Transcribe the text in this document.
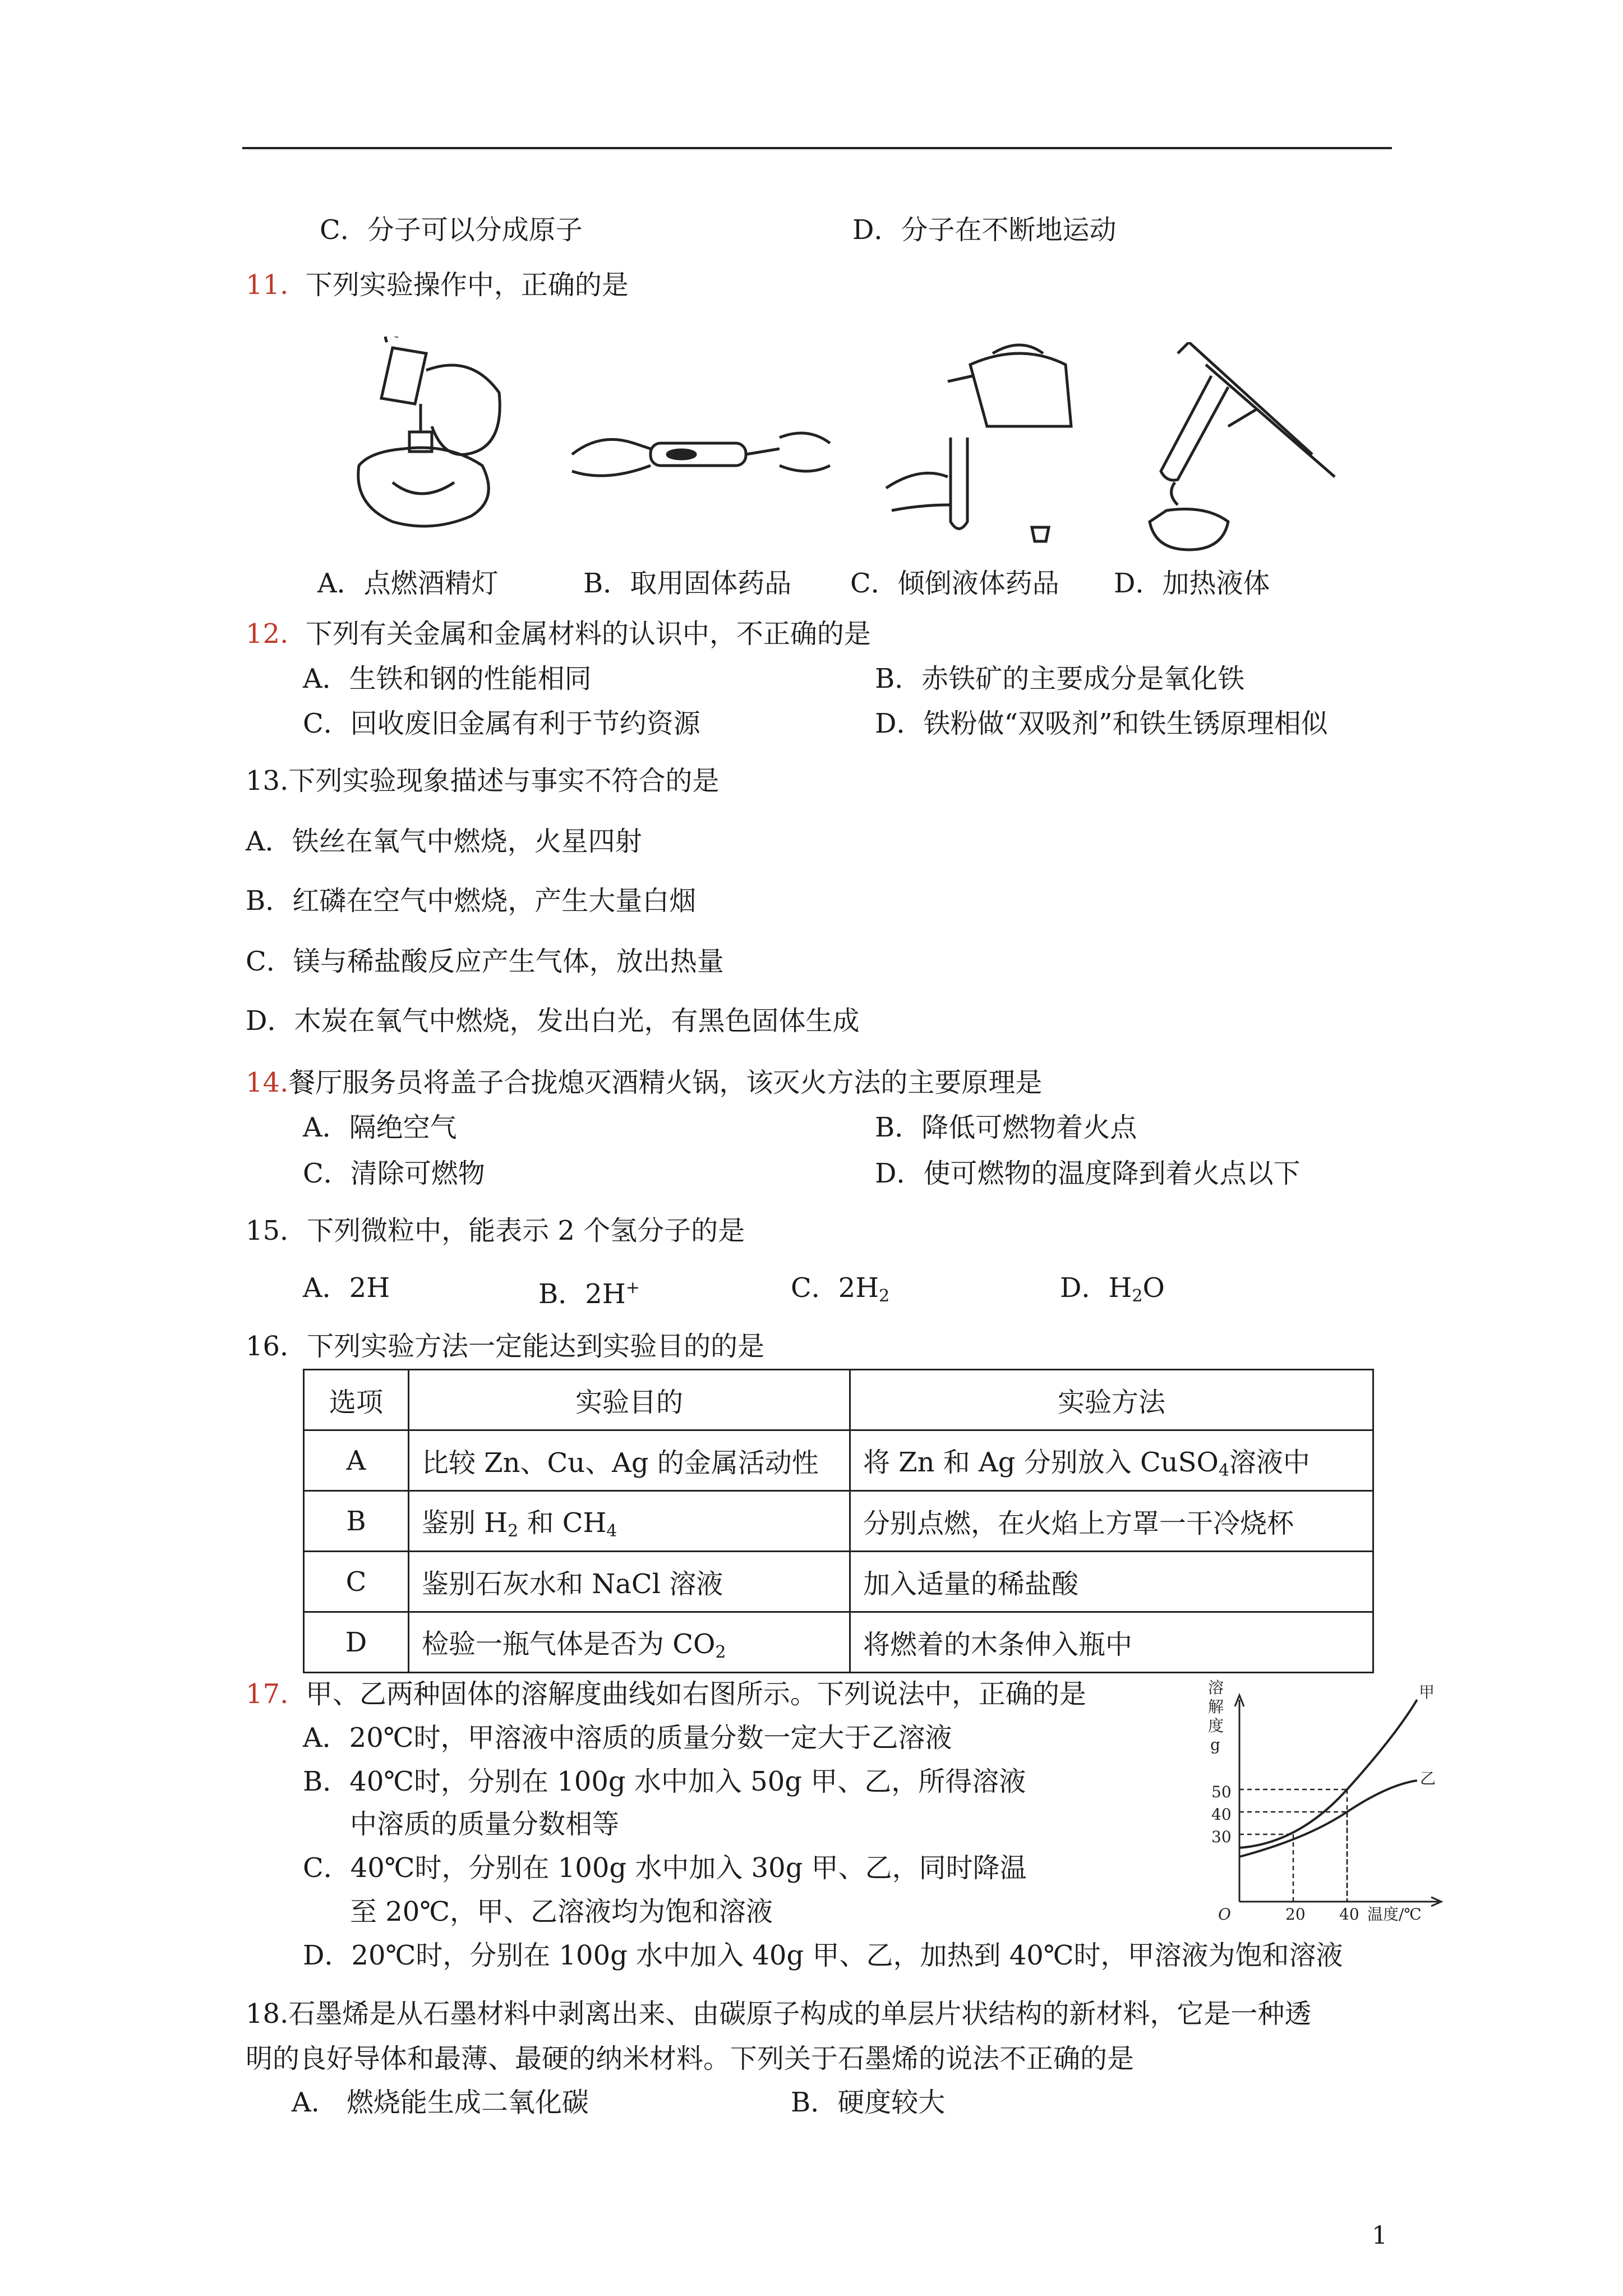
C．分子可以分成原子	D．分子在不断地运动
11. 下列实验操作中，正确的是
A．点燃酒精灯	B．取用固体药品 C．倾倒液体药品 D．加热液体
12. 下列有关金属和金属材料的认识中，不正确的是
A．生铁和钢的性能相同	B．赤铁矿的主要成分是氧化铁
C．回收废旧金属有利于节约资源	D．铁粉做“双吸剂”和铁生锈原理相似
13.下列实验现象描述与事实不符合的是
A．铁丝在氧气中燃烧，火星四射
B．红磷在空气中燃烧，产生大量白烟
C．镁与稀盐酸反应产生气体，放出热量
D．木炭在氧气中燃烧，发出白光，有黑色固体生成
14.餐厅服务员将盖子合拢熄灭酒精火锅，该灭火方法的主要原理是
A．隔绝空气	B．降低可燃物着火点
C．清除可燃物	D．使可燃物的温度降到着火点以下
15．下列微粒中，能表示 2 个氢分子的是
A．2H	B．2H+	C．$2H_2$	D．$H_2O$
16．下列实验方法一定能达到实验目的的是
选项	实验目的	实验方法
A	比较 Zn、Cu、Ag 的金属活动性	将 Zn 和 Ag 分别放入 CuSO$_4$溶液中
B	鉴别 $H_2$ 和 $CH_4$	分别点燃，在火焰上方罩一干冷烧杯
C	鉴别石灰水和 NaCl 溶液	加入适量的稀盐酸
D	检验一瓶气体是否为 $CO_2$	将燃着的木条伸入瓶中
17. 甲、乙两种固体的溶解度曲线如右图所示。下列说法中，正确的是
A．20℃时，甲溶液中溶质的质量分数一定大于乙溶液
B．40℃时，分别在 100g 水中加入 50g 甲、乙，所得溶液
中溶质的质量分数相等
C．40℃时，分别在 100g 水中加入 30g 甲、乙，同时降温
至 20℃，甲、乙溶液均为饱和溶液
D．20℃时，分别在 100g 水中加入 40g 甲、乙，加热到 40℃时，甲溶液为饱和溶液
溶
解
度
g
O	20 40 温度/℃
30
40
50
甲
乙
18.石墨烯是从石墨材料中剥离出来、由碳原子构成的单层片状结构的新材料，它是一种透
明的良好导体和最薄、最硬的纳米材料。下列关于石墨烯的说法不正确的是
A.　燃烧能生成二氧化碳	B．硬度较大
1
